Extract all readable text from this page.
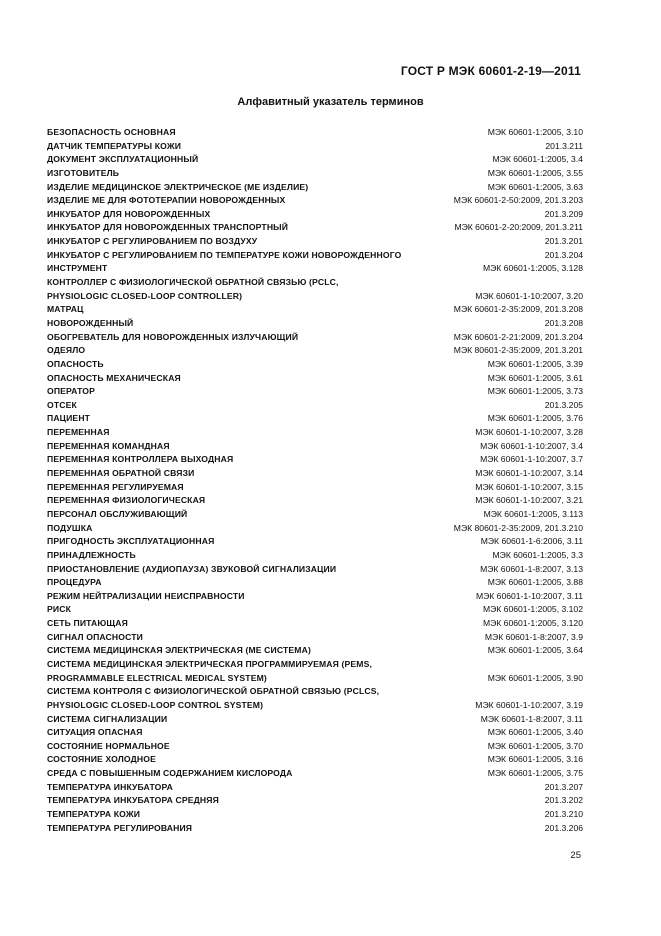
ГОСТ Р МЭК 60601-2-19—2011
Алфавитный указатель терминов
БЕЗОПАСНОСТЬ ОСНОВНАЯ	МЭК 60601-1:2005, 3.10
ДАТЧИК ТЕМПЕРАТУРЫ КОЖИ	201.3.211
ДОКУМЕНТ ЭКСПЛУАТАЦИОННЫЙ	МЭК 60601-1:2005, 3.4
ИЗГОТОВИТЕЛЬ	МЭК 60601-1:2005, 3.55
ИЗДЕЛИЕ МЕДИЦИНСКОЕ ЭЛЕКТРИЧЕСКОЕ (МЕ ИЗДЕЛИЕ)	МЭК 60601-1:2005, 3.63
ИЗДЕЛИЕ МЕ ДЛЯ ФОТОТЕРАПИИ НОВОРОЖДЕННЫХ	МЭК 60601-2-50:2009, 201.3.203
ИНКУБАТОР ДЛЯ НОВОРОЖДЕННЫХ	201.3.209
ИНКУБАТОР ДЛЯ НОВОРОЖДЕННЫХ ТРАНСПОРТНЫЙ	МЭК 60601-2-20:2009, 201.3.211
ИНКУБАТОР С РЕГУЛИРОВАНИЕМ ПО ВОЗДУХУ	201.3.201
ИНКУБАТОР С РЕГУЛИРОВАНИЕМ ПО ТЕМПЕРАТУРЕ КОЖИ НОВОРОЖДЕННОГО	201.3.204
ИНСТРУМЕНТ	МЭК 60601-1:2005, 3.128
КОНТРОЛЛЕР С ФИЗИОЛОГИЧЕСКОЙ ОБРАТНОЙ СВЯЗЬЮ (PCLC,
PHYSIOLOGIC CLOSED-LOOP CONTROLLER)	МЭК 60601-1-10:2007, 3.20
МАТРАЦ	МЭК 60601-2-35:2009, 201.3.208
НОВОРОЖДЕННЫЙ	201.3.208
ОБОГРЕВАТЕЛЬ ДЛЯ НОВОРОЖДЕННЫХ ИЗЛУЧАЮЩИЙ	МЭК 60601-2-21:2009, 201.3.204
ОДЕЯЛО	МЭК 80601-2-35:2009, 201.3.201
ОПАСНОСТЬ	МЭК 60601-1:2005, 3.39
ОПАСНОСТЬ МЕХАНИЧЕСКАЯ	МЭК 60601-1:2005, 3.61
ОПЕРАТОР	МЭК 60601-1:2005, 3.73
ОТСЕК	201.3.205
ПАЦИЕНТ	МЭК 60601-1:2005, 3.76
ПЕРЕМЕННАЯ	МЭК 60601-1-10:2007, 3.28
ПЕРЕМЕННАЯ КОМАНДНАЯ	МЭК 60601-1-10:2007, 3.4
ПЕРЕМЕННАЯ КОНТРОЛЛЕРА ВЫХОДНАЯ	МЭК 60601-1-10:2007, 3.7
ПЕРЕМЕННАЯ ОБРАТНОЙ СВЯЗИ	МЭК 60601-1-10:2007, 3.14
ПЕРЕМЕННАЯ РЕГУЛИРУЕМАЯ	МЭК 60601-1-10:2007, 3.15
ПЕРЕМЕННАЯ ФИЗИОЛОГИЧЕСКАЯ	МЭК 60601-1-10:2007, 3.21
ПЕРСОНАЛ ОБСЛУЖИВАЮЩИЙ	МЭК 60601-1:2005, 3.113
ПОДУШКА	МЭК 80601-2-35:2009, 201.3.210
ПРИГОДНОСТЬ ЭКСПЛУАТАЦИОННАЯ	МЭК 60601-1-6:2006, 3.11
ПРИНАДЛЕЖНОСТЬ	МЭК 60601-1:2005, 3.3
ПРИОСТАНОВЛЕНИЕ (АУДИОПАУЗА) ЗВУКОВОЙ СИГНАЛИЗАЦИИ	МЭК 60601-1-8:2007, 3.13
ПРОЦЕДУРА	МЭК 60601-1:2005, 3.88
РЕЖИМ НЕЙТРАЛИЗАЦИИ НЕИСПРАВНОСТИ	МЭК 60601-1-10:2007, 3.11
РИСК	МЭК 60601-1:2005, 3.102
СЕТЬ ПИТАЮЩАЯ	МЭК 60601-1:2005, 3.120
СИГНАЛ ОПАСНОСТИ	МЭК 60601-1-8:2007, 3.9
СИСТЕМА МЕДИЦИНСКАЯ ЭЛЕКТРИЧЕСКАЯ (МЕ СИСТЕМА)	МЭК 60601-1:2005, 3.64
СИСТЕМА МЕДИЦИНСКАЯ ЭЛЕКТРИЧЕСКАЯ ПРОГРАММИРУЕМАЯ (PEMS,
PROGRAMMABLE ELECTRICAL MEDICAL SYSTEM)	МЭК 60601-1:2005, 3.90
СИСТЕМА КОНТРОЛЯ С ФИЗИОЛОГИЧЕСКОЙ ОБРАТНОЙ СВЯЗЬЮ (PCLCS,
PHYSIOLOGIC CLOSED-LOOP CONTROL SYSTEM)	МЭК 60601-1-10:2007, 3.19
СИСТЕМА СИГНАЛИЗАЦИИ	МЭК 60601-1-8:2007, 3.11
СИТУАЦИЯ ОПАСНАЯ	МЭК 60601-1:2005, 3.40
СОСТОЯНИЕ НОРМАЛЬНОЕ	МЭК 60601-1:2005, 3.70
СОСТОЯНИЕ ХОЛОДНОЕ	МЭК 60601-1:2005, 3.16
СРЕДА С ПОВЫШЕННЫМ СОДЕРЖАНИЕМ КИСЛОРОДА	МЭК 60601-1:2005, 3.75
ТЕМПЕРАТУРА ИНКУБАТОРА	201.3.207
ТЕМПЕРАТУРА ИНКУБАТОРА СРЕДНЯЯ	201.3.202
ТЕМПЕРАТУРА КОЖИ	201.3.210
ТЕМПЕРАТУРА РЕГУЛИРОВАНИЯ	201.3.206
25
